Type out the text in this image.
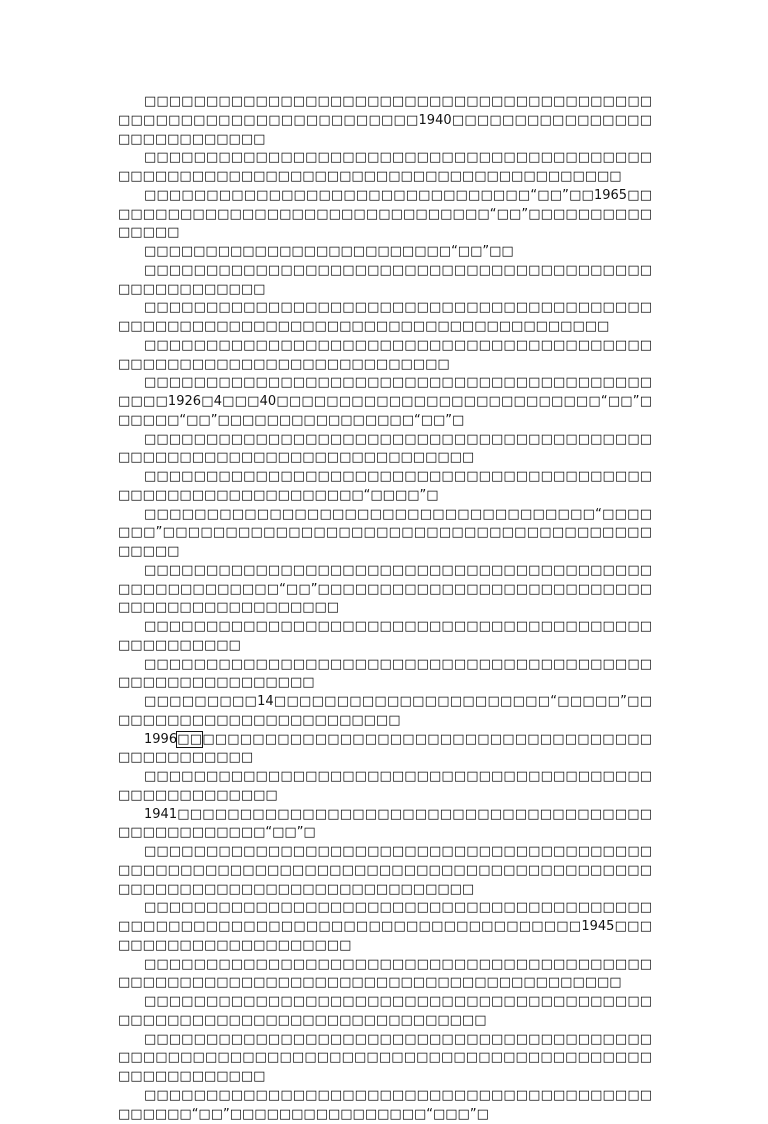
□□□□□□□□□□□□□□□□□□□□□□□□□□□□□□□□□□□□□□□□□□□□□□□□□□□□□□□□□□□□□□□□□1940□□□□□□□□□□□□□□□□□□□□□□□□□□□□

□□□□□□□□□□□□□□□□□□□□□□□□□□□□□□□□□□□□□□□□□□□□□□□□□□□□□□□□□□□□□□□□□□□□□□□□□□□□□□□□□□

□□□□□□□□□□□□□□□□□□□□□□□□□□□□□□□“□□”□□1965□□□□□□□□□□□□□□□□□□□□□□□□□□□□□□□□“□□”□□□□□□□□□□□□□□□

□□□□□□□□□□□□□□□□□□□□□□□□□“□□”□□

□□□□□□□□□□□□□□□□□□□□□□□□□□□□□□□□□□□□□□□□□□□□□□□□□□□□□

□□□□□□□□□□□□□□□□□□□□□□□□□□□□□□□□□□□□□□□□□□□□□□□□□□□□□□□□□□□□□□□□□□□□□□□□□□□□□□□□□

□□□□□□□□□□□□□□□□□□□□□□□□□□□□□□□□□□□□□□□□□□□□□□□□□□□□□□□□□□□□□□□□□□□□

□□□□□□□□□□□□□□□□□□□□□□□□□□□□□□□□□□□□□□□□□□□□□1926□4□□□40□□□□□□□□□□□□□□□□□□□□□□□□□□“□□”□□□□□□“□□”□□□□□□□□□□□□□□□□“□□”□

□□□□□□□□□□□□□□□□□□□□□□□□□□□□□□□□□□□□□□□□□□□□□□□□□□□□□□□□□□□□□□□□□□□□□□

□□□□□□□□□□□□□□□□□□□□□□□□□□□□□□□□□□□□□□□□□□□□□□□□□□□□□□□□□□□□□“□□□□”□

□□□□□□□□□□□□□□□□□□□□□□□□□□□□□□□□□□□□“□□□□□□□”□□□□□□□□□□□□□□□□□□□□□□□□□□□□□□□□□□□□□□□□□□□□

□□□□□□□□□□□□□□□□□□□□□□□□□□□□□□□□□□□□□□□□□□□□□□□□□□□□□□“□□”□□□□□□□□□□□□□□□□□□□□□□□□□□□□□□□□□□□□□□□□□□□□□

□□□□□□□□□□□□□□□□□□□□□□□□□□□□□□□□□□□□□□□□□□□□□□□□□□□

□□□□□□□□□□□□□□□□□□□□□□□□□□□□□□□□□□□□□□□□□□□□□□□□□□□□□□□□□

□□□□□□□□□14□□□□□□□□□□□□□□□□□□□□□□“□□□□□”□□□□□□□□□□□□□□□□□□□□□□□□□

1996□□□□□□□□□□□□□□□□□□□□□□□□□□□□□□□□□□□□□□□□□□□□□□□□□

□□□□□□□□□□□□□□□□□□□□□□□□□□□□□□□□□□□□□□□□□□□□□□□□□□□□□□

1941□□□□□□□□□□□□□□□□□□□□□□□□□□□□□□□□□□□□□□□□□□□□□□□□□□“□□”□

□□□□□□□□□□□□□□□□□□□□□□□□□□□□□□□□□□□□□□□□□□□□□□□□□□□□□□□□□□□□□□□□□□□□□□□□□□□□□□□□□□□□□□□□□□□□□□□□□□□□□□□□□□□□□□□□□

□□□□□□□□□□□□□□□□□□□□□□□□□□□□□□□□□□□□□□□□□□□□□□□□□□□□□□□□□□□□□□□□□□□□□□□□□□□□□□1945□□□□□□□□□□□□□□□□□□□□□□

□□□□□□□□□□□□□□□□□□□□□□□□□□□□□□□□□□□□□□□□□□□□□□□□□□□□□□□□□□□□□□□□□□□□□□□□□□□□□□□□□□

□□□□□□□□□□□□□□□□□□□□□□□□□□□□□□□□□□□□□□□□□□□□□□□□□□□□□□□□□□□□□□□□□□□□□□□

□□□□□□□□□□□□□□□□□□□□□□□□□□□□□□□□□□□□□□□□□□□□□□□□□□□□□□□□□□□□□□□□□□□□□□□□□□□□□□□□□□□□□□□□□□□□□□□□

□□□□□□□□□□□□□□□□□□□□□□□□□□□□□□□□□□□□□□□□□□□□□□□“□□”□□□□□□□□□□□□□□□□“□□□”□
